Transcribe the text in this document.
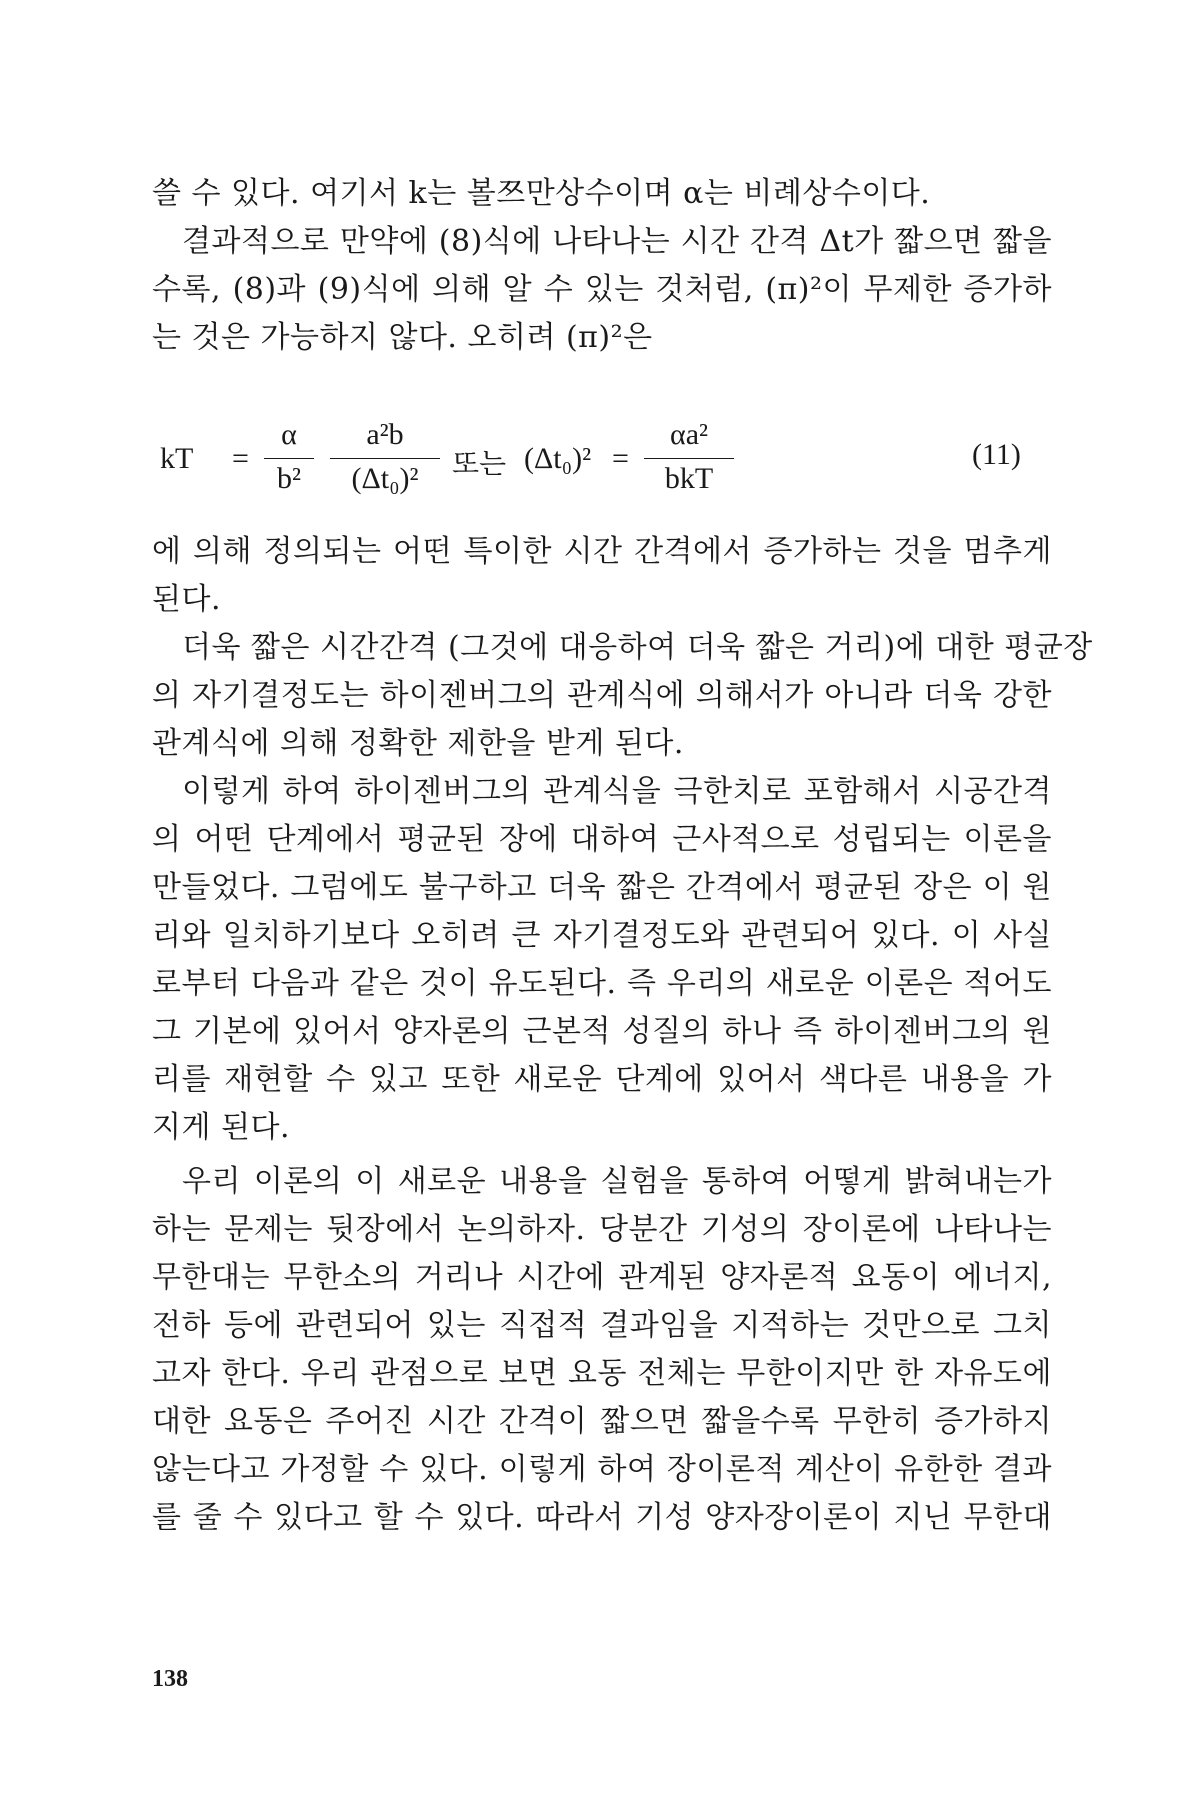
쓸 수 있다. 여기서 k는 볼쯔만상수이며 α는 비례상수이다.
결과적으로 만약에 (8)식에 나타나는 시간 간격 Δt가 짧으면 짧을
수록, (8)과 (9)식에 의해 알 수 있는 것처럼, (π)²이 무제한 증가하
는 것은 가능하지 않다. 오히려 (π)²은
kT =
α
b²
a²b
(Δt₀)²	또는 (Δt₀)² =
αa²
bkT
(11)
에 의해 정의되는 어떤 특이한 시간 간격에서 증가하는 것을 멈추게
된다.
더욱 짧은 시간간격 (그것에 대응하여 더욱 짧은 거리)에 대한 평균장
의 자기결정도는 하이젠버그의 관계식에 의해서가 아니라 더욱 강한
관계식에 의해 정확한 제한을 받게 된다.
이렇게 하여 하이젠버그의 관계식을 극한치로 포함해서 시공간격
의 어떤 단계에서 평균된 장에 대하여 근사적으로 성립되는 이론을
만들었다. 그럼에도 불구하고 더욱 짧은 간격에서 평균된 장은 이 원
리와 일치하기보다 오히려 큰 자기결정도와 관련되어 있다. 이 사실
로부터 다음과 같은 것이 유도된다. 즉 우리의 새로운 이론은 적어도
그 기본에 있어서 양자론의 근본적 성질의 하나 즉 하이젠버그의 원
리를 재현할 수 있고 또한 새로운 단계에 있어서 색다른 내용을 가
지게 된다.
우리 이론의 이 새로운 내용을 실험을 통하여 어떻게 밝혀내는가
하는 문제는 뒷장에서 논의하자. 당분간 기성의 장이론에 나타나는
무한대는 무한소의 거리나 시간에 관계된 양자론적 요동이 에너지,
전하 등에 관련되어 있는 직접적 결과임을 지적하는 것만으로 그치
고자 한다. 우리 관점으로 보면 요동 전체는 무한이지만 한 자유도에
대한 요동은 주어진 시간 간격이 짧으면 짧을수록 무한히 증가하지
않는다고 가정할 수 있다. 이렇게 하여 장이론적 계산이 유한한 결과
를 줄 수 있다고 할 수 있다. 따라서 기성 양자장이론이 지닌 무한대
138
